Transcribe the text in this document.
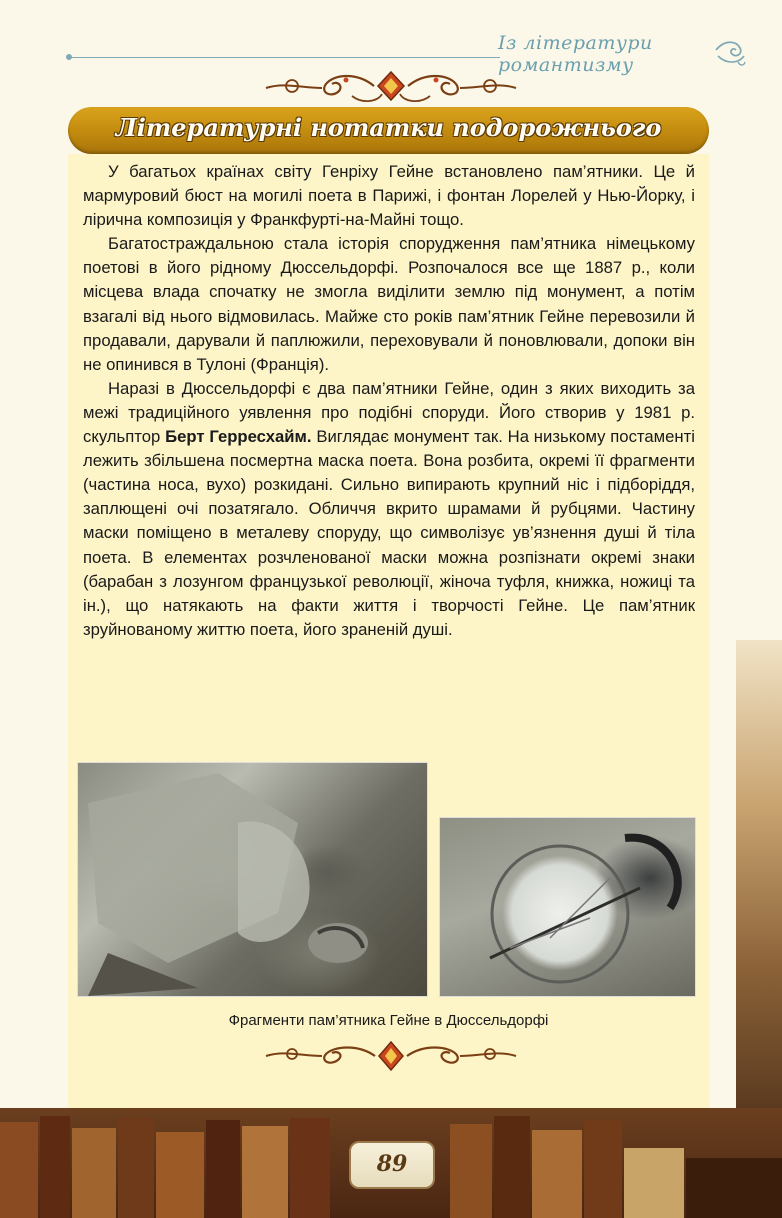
Із літератури романтизму
Літературні нотатки подорожнього

У багатьох країнах світу Генріху Гейне встановлено пам’ятники. Це й мармуровий бюст на могилі поета в Парижі, і фонтан Лорелей у Нью-Йорку, і лірична композиція у Франкфурті-на-Майні тощо.

Багатостраждальною стала історія спорудження пам’ятника німецькому поетові в його рідному Дюссельдорфі. Розпочалося все ще 1887 р., коли місцева влада спочатку не змогла виділити землю під монумент, а потім взагалі від нього відмовилась. Майже сто років пам’ятник Гейне перевозили й продавали, дарували й паплюжили, переховували й поновлювали, допоки він не опинився в Тулоні (Франція).

Наразі в Дюссельдорфі є два пам’ятники Гейне, один з яких виходить за межі традиційного уявлення про подібні споруди. Його створив у 1981 р. скульптор Берт Герресхайм. Виглядає монумент так. На низькому постаменті лежить збільшена посмертна маска поета. Вона розбита, окремі її фрагменти (частина носа, вухо) розкидані. Сильно випирають крупний ніс і підборіддя, заплющені очі позатягало. Обличчя вкрито шрамами й рубцями. Частину маски поміщено в металеву споруду, що символізує ув’язнення душі й тіла поета. В елементах розчленованої маски можна розпізнати окремі знаки (барабан з лозунгом французької революції, жіноча туфля, книжка, ножиці та ін.), що натякають на факти життя і творчості Гейне. Це пам’ятник зруйнованому життю поета, його зраненій душі.

Фрагменти пам’ятника Гейне в Дюссельдорфі
89
